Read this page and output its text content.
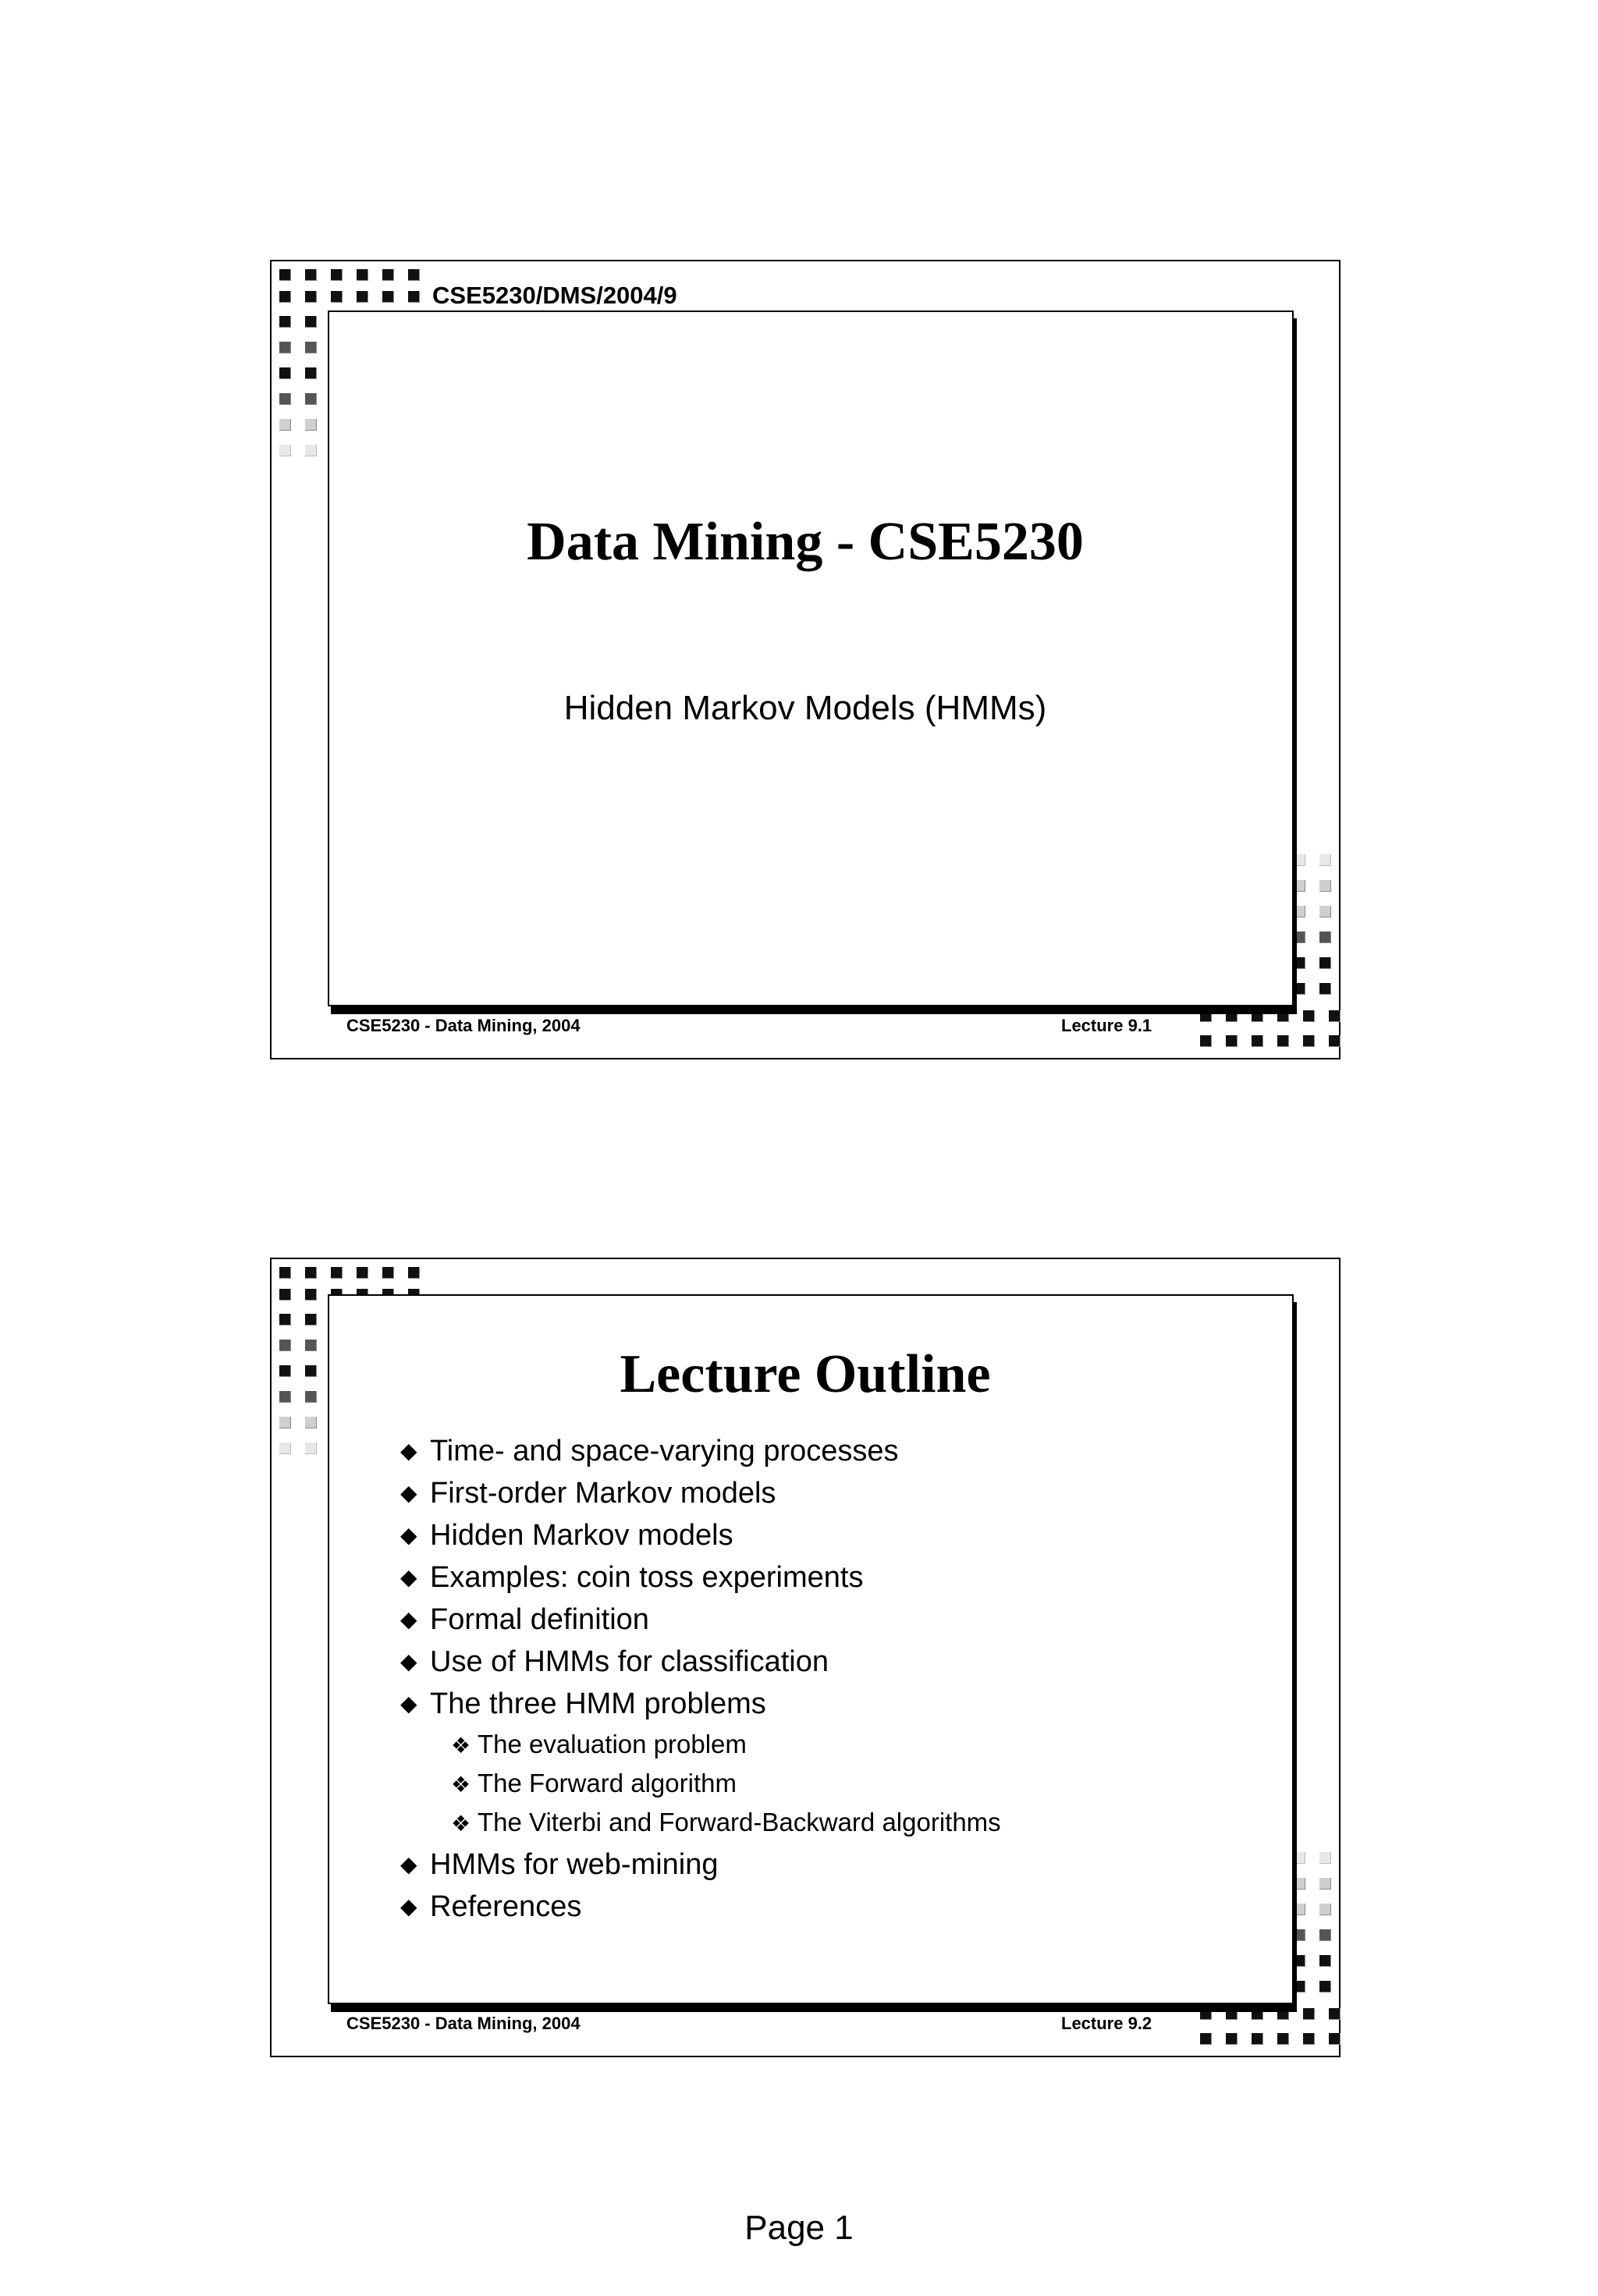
CSE5230/DMS/2004/9
Data Mining - CSE5230
Hidden Markov Models (HMMs)
CSE5230 - Data Mining, 2004	Lecture 9.1
Lecture Outline
◆ Time- and space-varying processes
◆ First-order Markov models
◆ Hidden Markov models
◆ Examples: coin toss experiments
◆ Formal definition
◆ Use of HMMs for classification
◆ The three HMM problems
❖ The evaluation problem
❖ The Forward algorithm
❖ The Viterbi and Forward-Backward algorithms
◆ HMMs for web-mining
◆ References
CSE5230 - Data Mining, 2004	Lecture 9.2
Page 1
